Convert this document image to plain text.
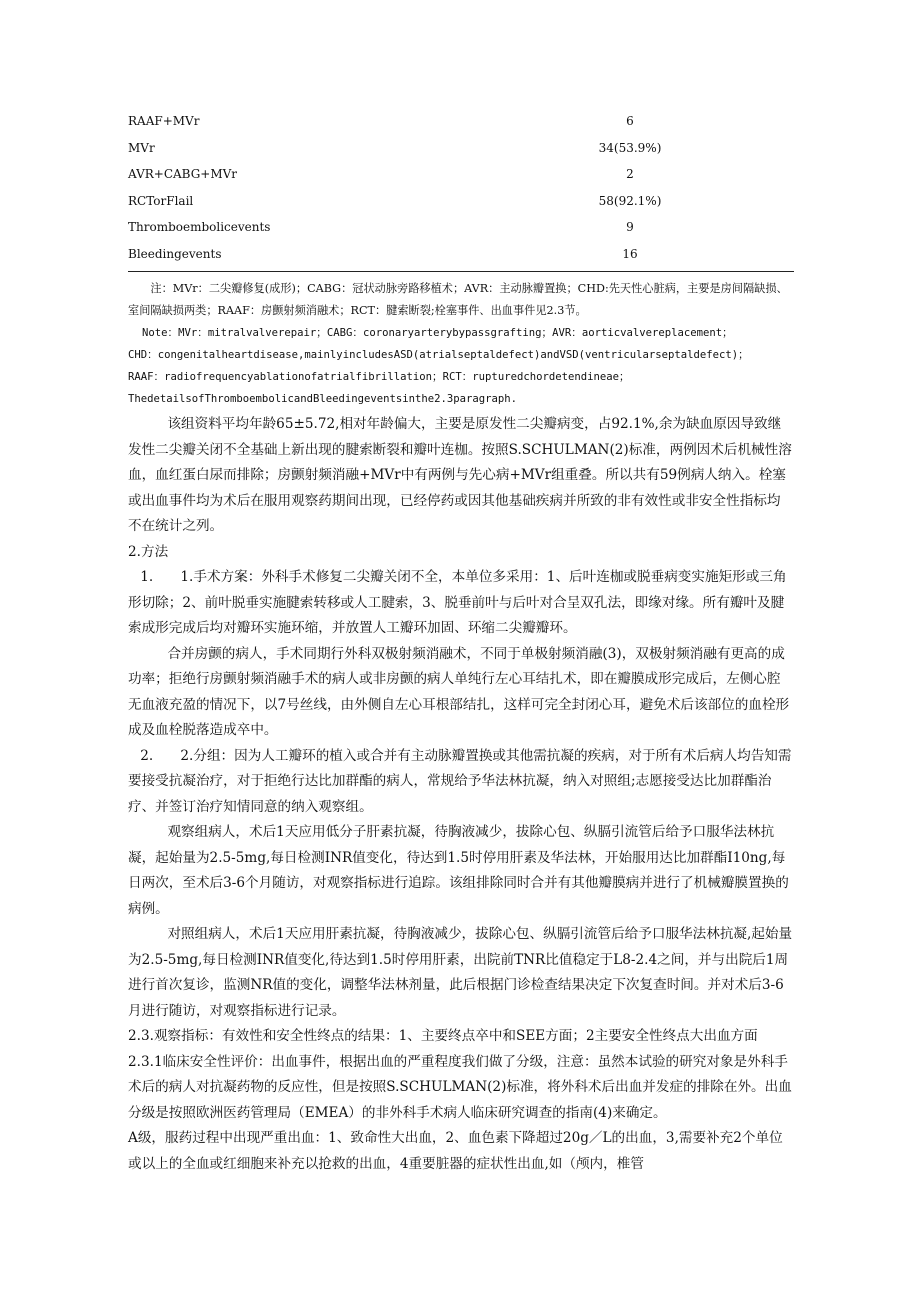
RAAF+MVr	6
MVr	34(53.9%)
AVR+CABG+MVr	2
RCTorFlail	58(92.1%)
Thromboembolicevents	9
Bleedingevents	16
注：MVr：二尖瓣修复(成形)；CABG：冠状动脉旁路移植术；AVR：主动脉瓣置换；CHD:先天性心脏病，主要是房间隔缺损、室间隔缺损两类；RAAF：房颤射频消融术；RCT：腱索断裂;栓塞事件、出血事件见2.3节。
Note：MVr：mitralvalverepair；CABG：coronaryarterybypassgrafting；AVR：aorticvalvereplacement；
CHD：congenitalheartdisease,mainlyincludesASD(atrialseptaldefect)andVSD(ventricularseptaldefect)；
RAAF：radiofrequencyablationofatrialfibrillation；RCT：rupturedchordetendineae；
ThedetailsofThromboembolicandBleedingeventsinthe2.3paragraph.

该组资料平均年龄65±5.72,相对年龄偏大，主要是原发性二尖瓣病变，占92.1%,余为缺血原因导致继发性二尖瓣关闭不全基础上新出现的腱索断裂和瓣叶连枷。按照S.SCHULMAN(2)标准，两例因术后机械性溶血，血红蛋白尿而排除；房颤射频消融+MVr中有两例与先心病+MVr组重叠。所以共有59例病人纳入。栓塞或出血事件均为术后在服用观察药期间出现，已经停药或因其他基础疾病并所致的非有效性或非安全性指标均不在统计之列。

2.方法

1.　　1.手术方案：外科手术修复二尖瓣关闭不全，本单位多采用：1、后叶连枷或脱垂病变实施矩形或三角形切除；2、前叶脱垂实施腱索转移或人工腱索，3、脱垂前叶与后叶对合呈双孔法，即缘对缘。所有瓣叶及腱索成形完成后均对瓣环实施环缩，并放置人工瓣环加固、环缩二尖瓣瓣环。

合并房颤的病人，手术同期行外科双极射频消融术，不同于单极射频消融(3)，双极射频消融有更高的成功率；拒绝行房颤射频消融手术的病人或非房颤的病人单纯行左心耳结扎术，即在瓣膜成形完成后，左侧心腔无血液充盈的情况下，以7号丝线，由外侧自左心耳根部结扎，这样可完全封闭心耳，避免术后该部位的血栓形成及血栓脱落造成卒中。

2.　　2.分组：因为人工瓣环的植入或合并有主动脉瓣置换或其他需抗凝的疾病，对于所有术后病人均告知需要接受抗凝治疗，对于拒绝行达比加群酯的病人，常规给予华法林抗凝，纳入对照组;志愿接受达比加群酯治疗、并签订治疗知情同意的纳入观察组。

观察组病人，术后1天应用低分子肝素抗凝，待胸液减少，拔除心包、纵膈引流管后给予口服华法林抗凝，起始量为2.5-5mg,每日检测INR值变化，待达到1.5时停用肝素及华法林，开始服用达比加群酯I10ng,每日两次，至术后3-6个月随访，对观察指标进行追踪。该组排除同时合并有其他瓣膜病并进行了机械瓣膜置换的病例。

对照组病人，术后1天应用肝素抗凝，待胸液减少，拔除心包、纵膈引流管后给予口服华法林抗凝,起始量为2.5-5mg,每日检测INR值变化,待达到1.5时停用肝素，出院前TNR比值稳定于L8-2.4之间，并与出院后1周进行首次复诊，监测NR值的变化，调整华法林剂量，此后根据门诊检查结果决定下次复查时间。并对术后3-6月进行随访，对观察指标进行记录。

2.3.观察指标：有效性和安全性终点的结果：1、主要终点卒中和SEE方面；2主要安全性终点大出血方面

2.3.1临床安全性评价：出血事件，根据出血的严重程度我们做了分级，注意：虽然本试验的研究对象是外科手术后的病人对抗凝药物的反应性，但是按照S.SCHULMAN(2)标准，将外科术后出血并发症的排除在外。出血分级是按照欧洲医药管理局（EMEA）的非外科手术病人临床研究调查的指南(4)来确定。

A级，服药过程中出现严重出血：1、致命性大出血，2、血色素下降超过20g／L的出血，3,需要补充2个单位或以上的全血或红细胞来补充以抢救的出血，4重要脏器的症状性出血,如（颅内，椎管
